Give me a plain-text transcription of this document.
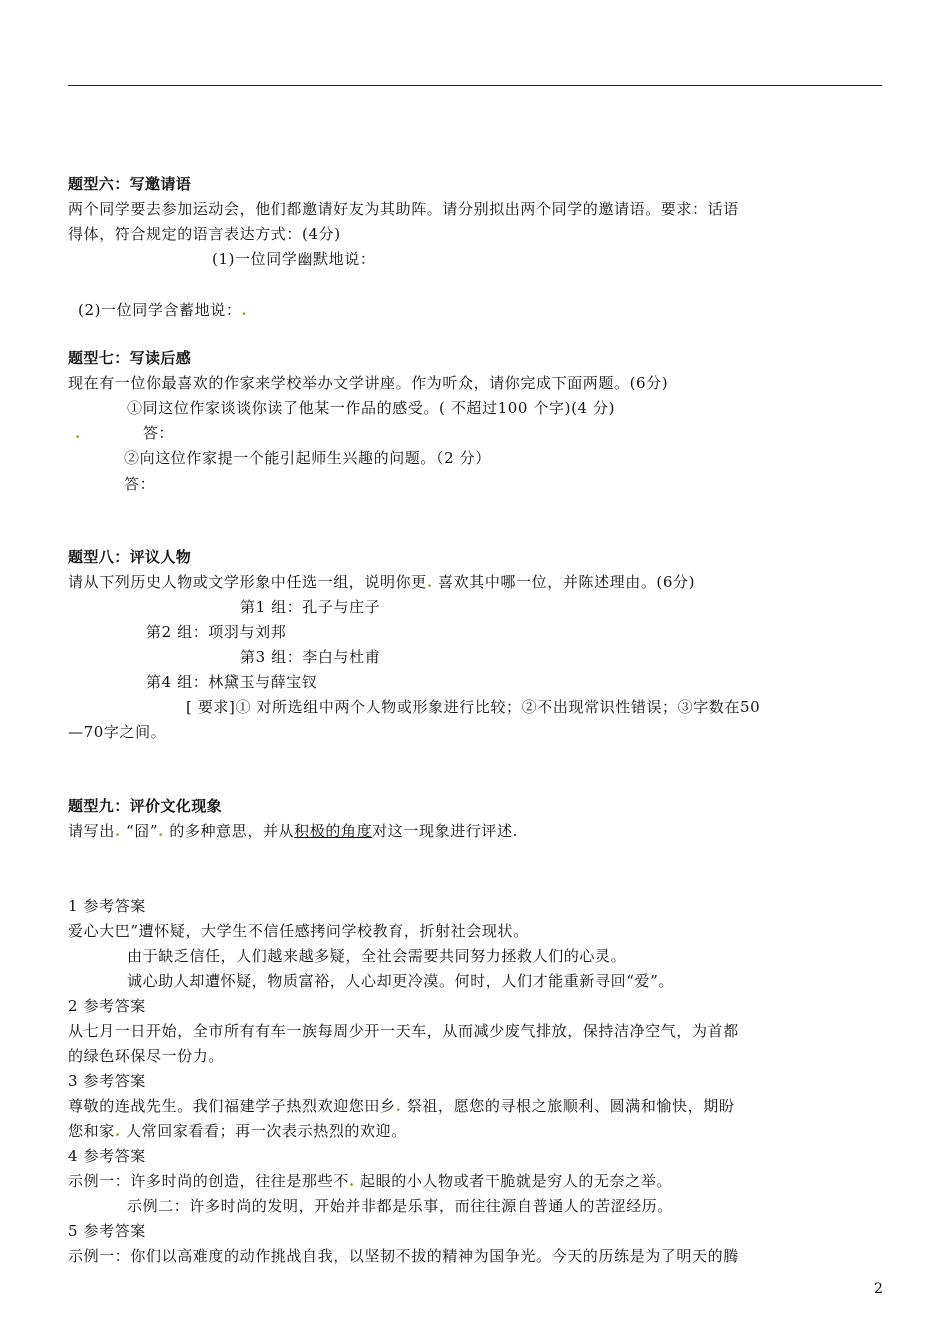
题型六：写邀请语
两个同学要去参加运动会，他们都邀请好友为其助阵。请分别拟出两个同学的邀请语。要求：话语
得体，符合规定的语言表达方式：(4分)
(1)一位同学幽默地说：
(2)一位同学含蓄地说：.
题型七：写读后感
现在有一位你最喜欢的作家来学校举办文学讲座。作为听众，请你完成下面两题。(6分)
①同这位作家谈谈你读了他某一作品的感受。( 不超过100 个字)(4 分)
.	答：
②向这位作家提一个能引起师生兴趣的问题。（2 分）
答：
题型八：评议人物
请从下列历史人物或文学形象中任选一组，说明你更. 喜欢其中哪一位，并陈述理由。(6分)
第1 组：孔子与庄子
第2 组：项羽与刘邦
第3 组：李白与杜甫
第4 组：林黛玉与薛宝钗
[ 要求]① 对所选组中两个人物或形象进行比较；②不出现常识性错误；③字数在50
—70字之间。
题型九：评价文化现象
请写出. “囧”. 的多种意思，并从积极的角度对这一现象进行评述.
1 参考答案
爱心大巴”遭怀疑，大学生不信任感拷问学校教育，折射社会现状。
由于缺乏信任，人们越来越多疑，全社会需要共同努力拯救人们的心灵。
诚心助人却遭怀疑，物质富裕，人心却更冷漠。何时，人们才能重新寻回“爱”。
2 参考答案
从七月一日开始，全市所有有车一族每周少开一天车，从而减少废气排放，保持洁净空气，为首都
的绿色环保尽一份力。
3 参考答案
尊敬的连战先生。我们福建学子热烈欢迎您田乡. 祭祖，愿您的寻根之旅顺利、圆满和愉快，期盼
您和家. 人常回家看看；再一次表示热烈的欢迎。
4 参考答案
示例一：许多时尚的创造，往往是那些不. 起眼的小人物或者干脆就是穷人的无奈之举。
示例二：许多时尚的发明，开始并非都是乐事，而往往源自普通人的苦涩经历。
5 参考答案
示例一：你们以高难度的动作挑战自我，以坚韧不拔的精神为国争光。今天的历练是为了明天的腾
2
